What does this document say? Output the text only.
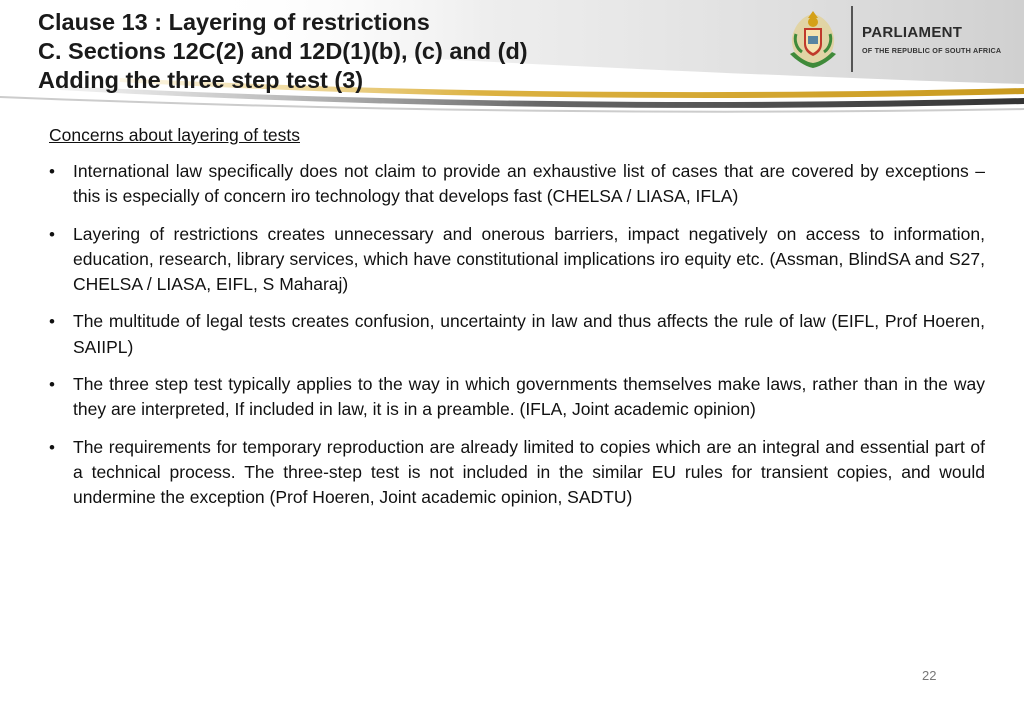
Clause 13 : Layering of restrictions
C. Sections 12C(2) and 12D(1)(b), (c) and (d)
Adding the three step test (3)
PARLIAMENT
OF THE REPUBLIC OF SOUTH AFRICA
Concerns about layering of tests
• International law specifically does not claim to provide an exhaustive list of cases that are covered by exceptions – this is especially of concern iro technology that develops fast (CHELSA / LIASA, IFLA)
• Layering of restrictions creates unnecessary and onerous barriers, impact negatively on access to information, education, research, library services, which have constitutional implications iro equity etc. (Assman, BlindSA and S27, CHELSA / LIASA, EIFL, S Maharaj)
• The multitude of legal tests creates confusion, uncertainty in law and thus affects the rule of law (EIFL, Prof Hoeren, SAIIPL)
• The three step test typically applies to the way in which governments themselves make laws, rather than in the way they are interpreted, If included in law, it is in a preamble. (IFLA, Joint academic opinion)
• The requirements for temporary reproduction are already limited to copies which are an integral and essential part of a technical process. The three-step test is not included in the similar EU rules for transient copies, and would undermine the exception (Prof Hoeren, Joint academic opinion, SADTU)
22
